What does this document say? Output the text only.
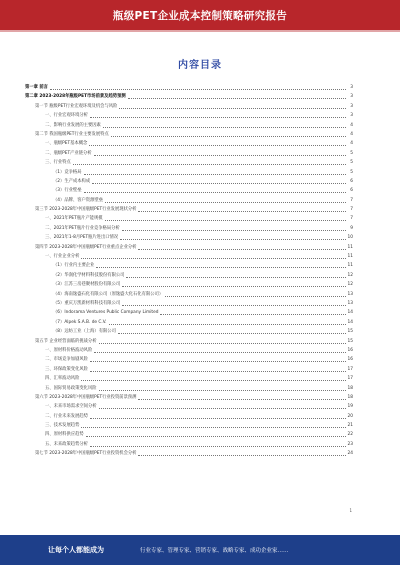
瓶级PET企业成本控制策略研究报告
内容目录
第一章 前言	3
第二章 2023-2028年瓶级PET市场前景及趋势预测	3
第一节 瓶级PET行业宏观环境及机会与风险	3
一、行业宏观环境分析	3
二、影响行业发展的主要因素	4
第二节 我国瓶级PET行业主要发展特点	4
一、瓶级PET基本概念	4
二、瓶级PET产业链分析	5
三、行业特点	5
（1）竞争格局	5
（2）生产成本构成	6
（3）行业壁垒	6
（4）品牌、客户资源壁垒	7
第三节 2023-2028年中国瓶级PET行业发展现状分析	7
一、2021年PET瓶片产能规模	7
二、2021年PET瓶片行业竞争格局分析	9
三、2021年1-8月PET瓶片进出口情况	10
第四节 2023-2028年中国瓶级PET行业重点企业分析	11
一、行业企业分析	11
（1）行业内主要企业	11
（2）华润化学材料科技股份有限公司	12
（3）江苏三房巷聚材股份有限公司	12
（4）海南逸盛石化有限公司（原逸盛大化石化有限公司）	13
（5）重庆万凯新材料科技有限公司	13
（6）Indorama Ventures Public Company Limited	14
（7）Alpek S.A.B. de C.V.	14
（8）远纺工业（上海）有限公司	15
第五节 企业经营面临的挑战分析	15
一、原材料价格波动风险	16
二、市场竞争加剧风险	16
三、环保政策变化风险	17
四、汇率波动风险	17
五、国际贸易政策变化风险	18
第六节 2023-2028年中国瓶级PET行业投资前景预测	18
一、未来市场需求空间分析	19
二、行业未来发展趋势	20
三、技术发展趋势	21
四、原材料供应趋势	22
五、未来政策趋势分析	23
第七节 2023-2028年中国瓶级PET行业投资机会分析	24
1
让每个人都能成为	行业专家、管理专家、营销专家、战略专家、成功企业家……
